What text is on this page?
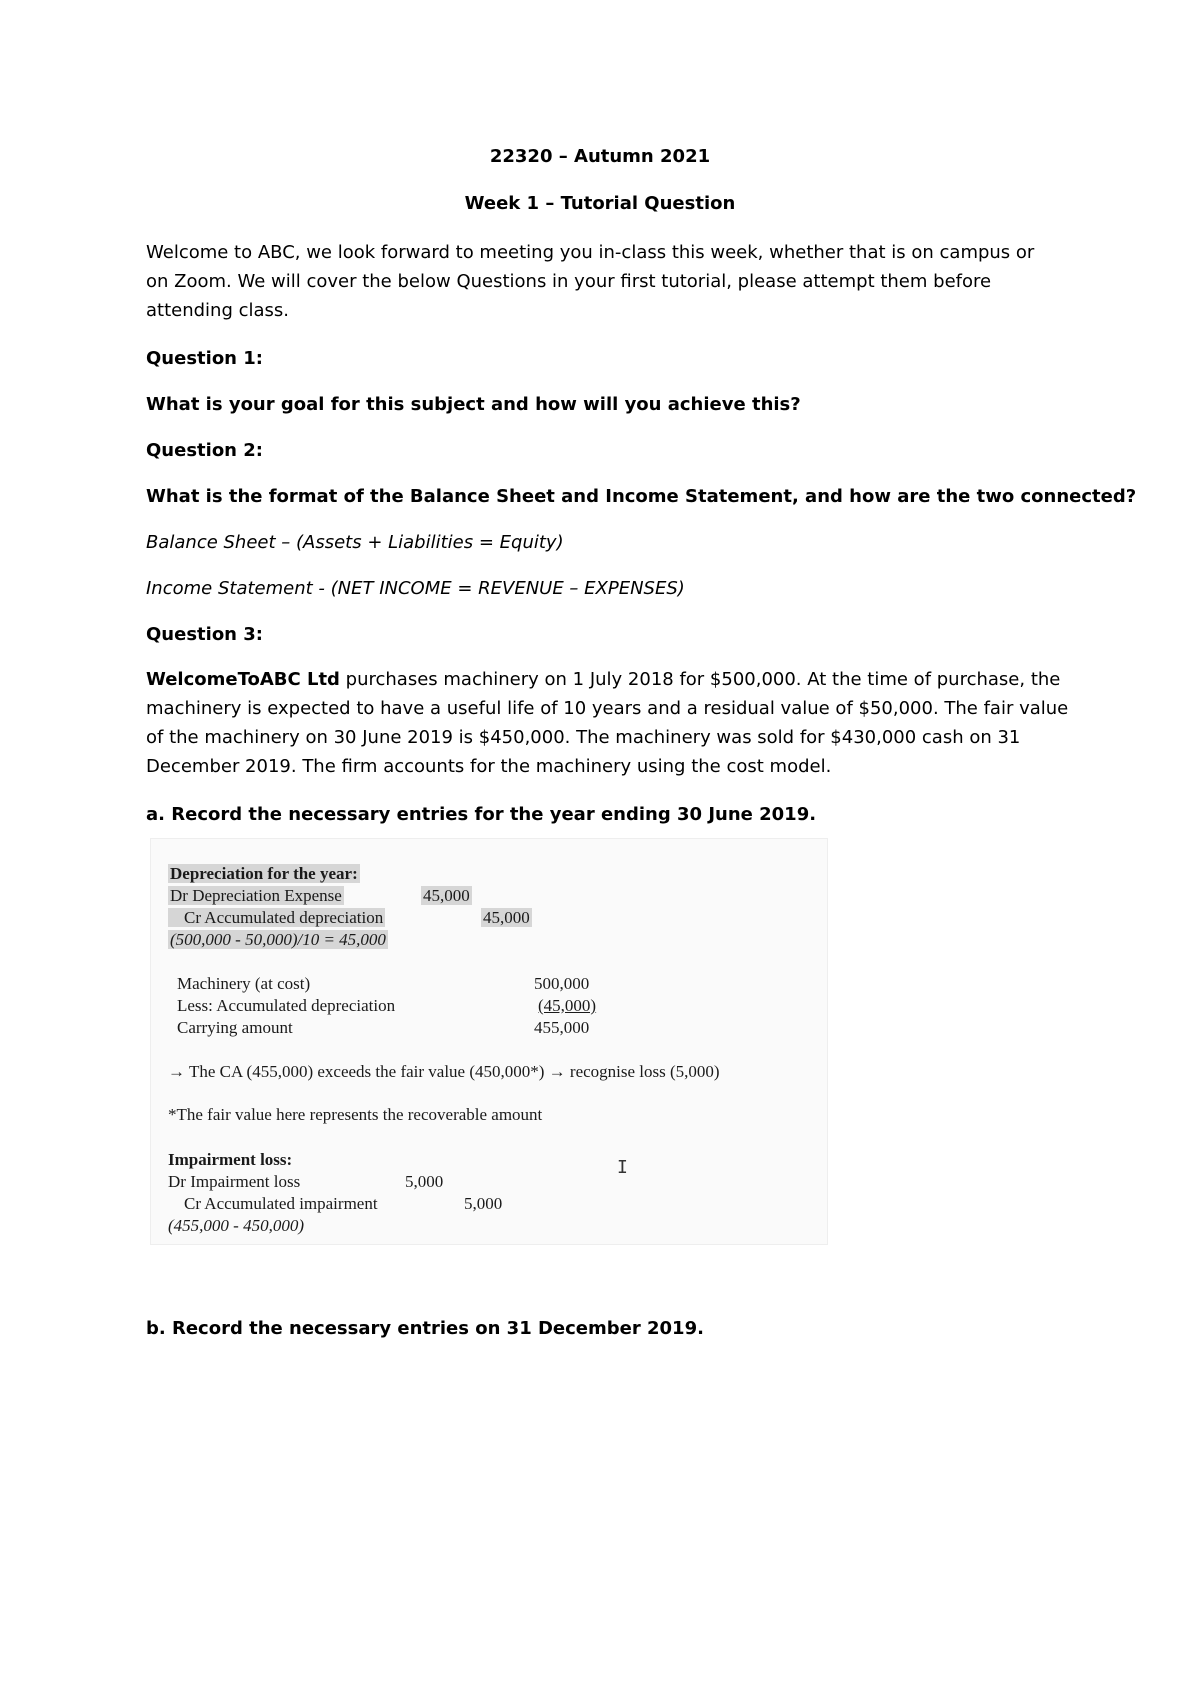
22320 – Autumn 2021
Week 1 – Tutorial Question

Welcome to ABC, we look forward to meeting you in-class this week, whether that is on campus or

on Zoom. We will cover the below Questions in your first tutorial, please attempt them before

attending class.

Question 1:
What is your goal for this subject and how will you achieve this?
Question 2:
What is the format of the Balance Sheet and Income Statement, and how are the two connected?
Balance Sheet – (Assets + Liabilities = Equity)
Income Statement - (NET INCOME = REVENUE – EXPENSES)
Question 3:

WelcomeToABC Ltd purchases machinery on 1 July 2018 for $500,000. At the time of purchase, the

machinery is expected to have a useful life of 10 years and a residual value of $50,000. The fair value

of the machinery on 30 June 2019 is $450,000. The machinery was sold for $430,000 cash on 31

December 2019. The firm accounts for the machinery using the cost model.

a. Record the necessary entries for the year ending 30 June 2019.
Depreciation for the year:
Dr Depreciation Expense	45,000
Cr Accumulated depreciation	45,000
(500,000 - 50,000)/10 = 45,000
Machinery (at cost)	500,000
Less: Accumulated depreciation	(45,000)
Carrying amount	455,000
→ The CA (455,000) exceeds the fair value (450,000*) → recognise loss (5,000)
*The fair value here represents the recoverable amount
Impairment loss:
Dr Impairment loss	5,000
Cr Accumulated impairment	5,000
(455,000 - 450,000)
I
b. Record the necessary entries on 31 December 2019.
